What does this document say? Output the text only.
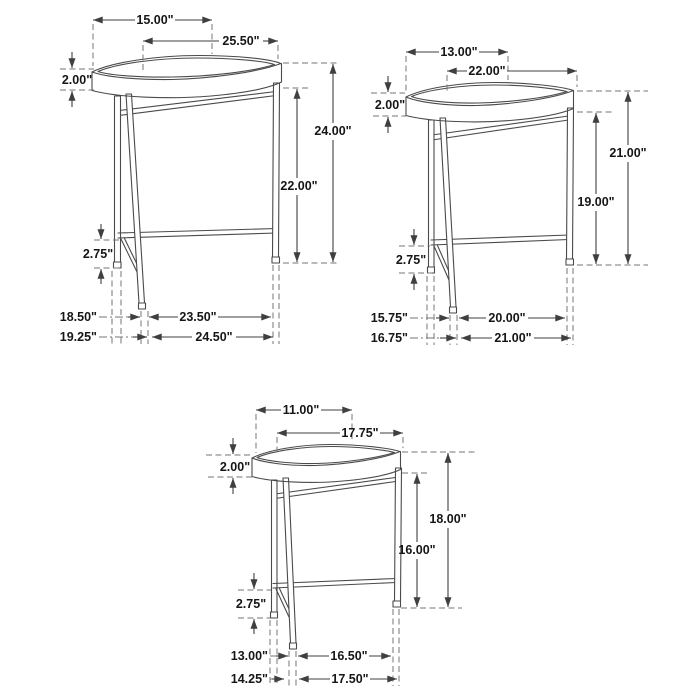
15.00"
25.50"
2.00"
24.00"
22.00"
2.75"
18.50"	23.50"
19.25"	24.50"
13.00"
22.00"
2.00"
21.00"
19.00"
2.75"
15.75"	20.00"
16.75"	21.00"
11.00"
17.75"
2.00"
18.00"
16.00"
2.75"
13.00"	16.50"
14.25"	17.50"
